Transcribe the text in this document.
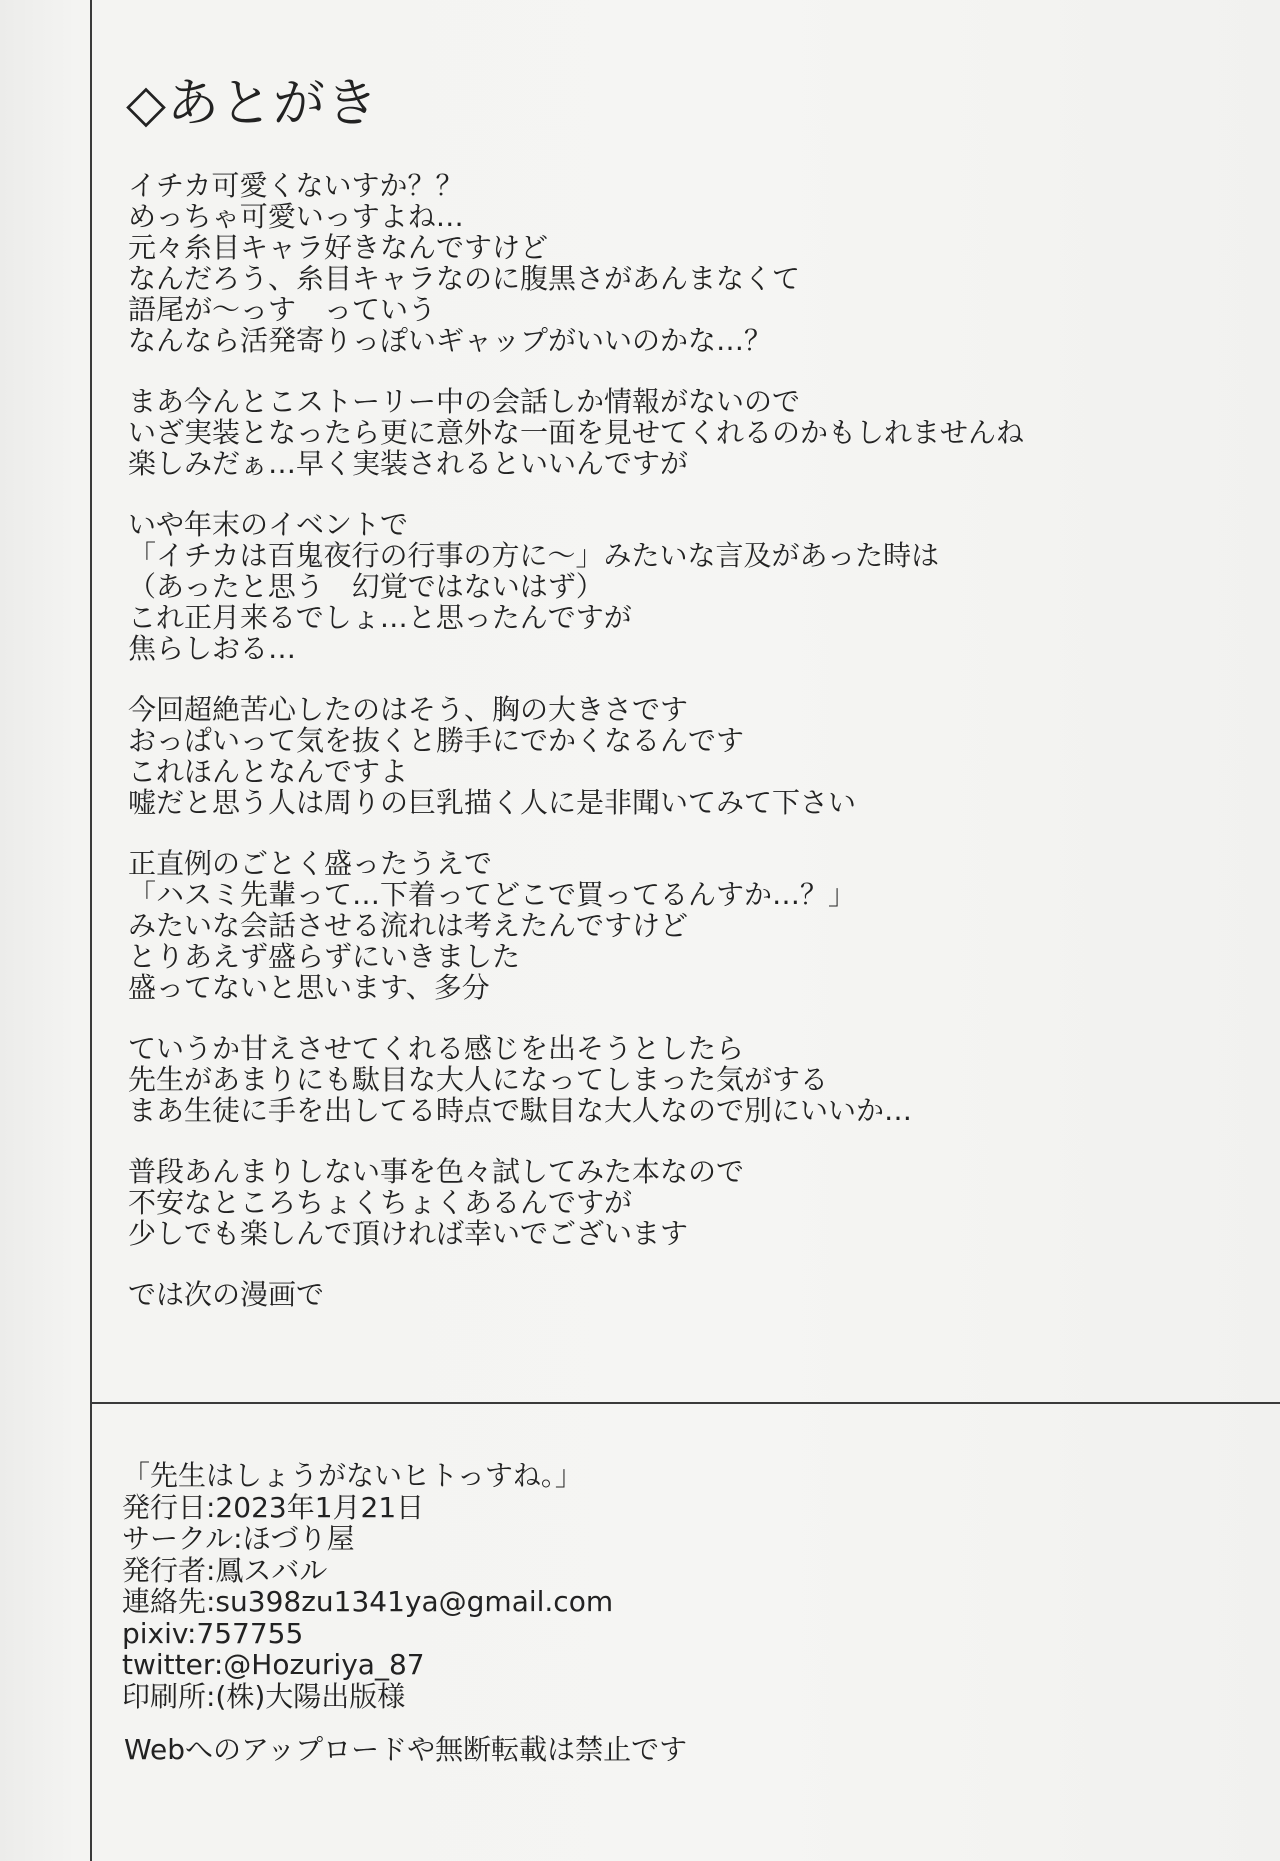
◇あとがき
イチカ可愛くないすか？？
めっちゃ可愛いっすよね…
元々糸目キャラ好きなんですけど
なんだろう、糸目キャラなのに腹黒さがあんまなくて
語尾が～っす　っていう
なんなら活発寄りっぽいギャップがいいのかな…？
まあ今んとこストーリー中の会話しか情報がないので
いざ実装となったら更に意外な一面を見せてくれるのかもしれませんね
楽しみだぁ…早く実装されるといいんですが
いや年末のイベントで
「イチカは百鬼夜行の行事の方に～」みたいな言及があった時は
（あったと思う　幻覚ではないはず）
これ正月来るでしょ…と思ったんですが
焦らしおる…
今回超絶苦心したのはそう、胸の大きさです
おっぱいって気を抜くと勝手にでかくなるんです
これほんとなんですよ
嘘だと思う人は周りの巨乳描く人に是非聞いてみて下さい
正直例のごとく盛ったうえで
「ハスミ先輩って…下着ってどこで買ってるんすか…？」
みたいな会話させる流れは考えたんですけど
とりあえず盛らずにいきました
盛ってないと思います、多分
ていうか甘えさせてくれる感じを出そうとしたら
先生があまりにも駄目な大人になってしまった気がする
まあ生徒に手を出してる時点で駄目な大人なので別にいいか…
普段あんまりしない事を色々試してみた本なので
不安なところちょくちょくあるんですが
少しでも楽しんで頂ければ幸いでございます
では次の漫画で
「先生はしょうがないヒトっすね。」
発行日:2023年1月21日
サークル:ほづり屋
発行者:鳳スバル
連絡先:su398zu1341ya@gmail.com
pixiv:757755
twitter:@Hozuriya_87
印刷所:(株)大陽出版様
Webへのアップロードや無断転載は禁止です
